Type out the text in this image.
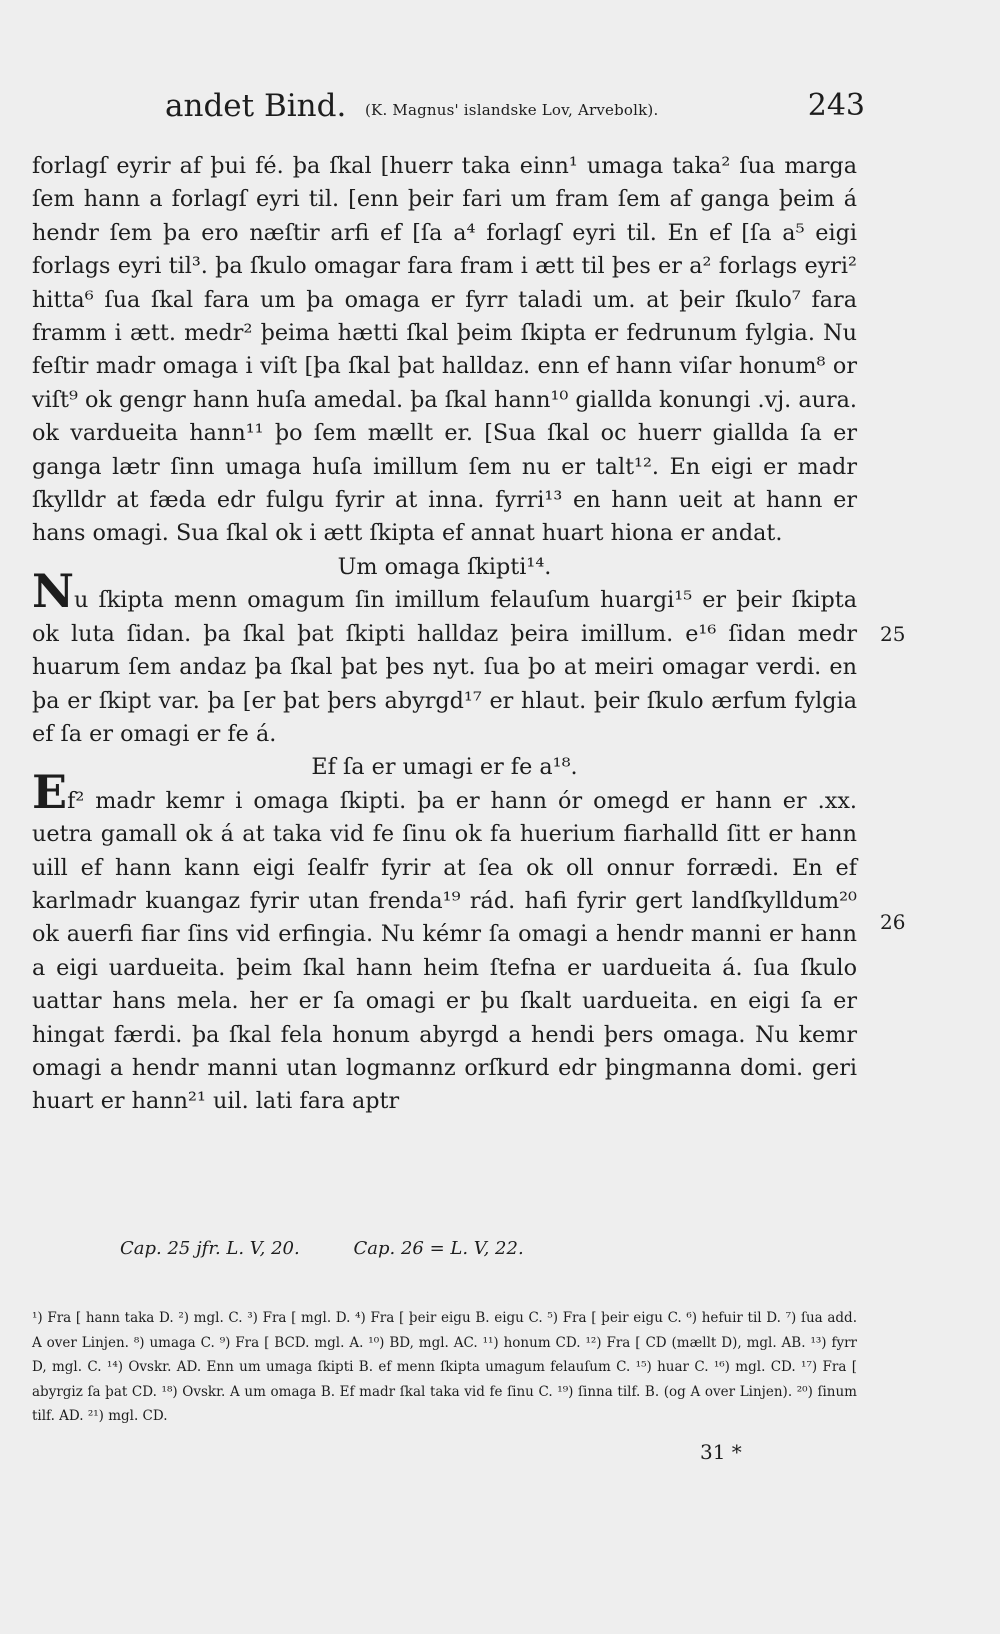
andet Bind. (K. Magnus' islandske Lov, Arvebolk).	243

forlagſ eyrir af þui fé. þa ſkal [huerr taka einn¹ umaga taka² ſua marga ſem hann a forlagſ eyri til. [enn þeir fari um fram ſem af ganga þeim á hendr ſem þa ero næſtir arfi ef [ſa a⁴ forlagſ eyri til. En ef [ſa a⁵ eigi forlags eyri til³. þa ſkulo omagar fara fram i ætt til þes er a² forlags eyri² hitta⁶ ſua ſkal fara um þa omaga er fyrr taladi um. at þeir ſkulo⁷ fara framm i ætt. medr² þeima hætti ſkal þeim ſkipta er fedrunum fylgia. Nu feſtir madr omaga i viſt [þa ſkal þat halldaz. enn ef hann viſar honum⁸ or viſt⁹ ok gengr hann huſa amedal. þa ſkal hann¹⁰ giallda konungi .vj. aura. ok vardueita hann¹¹ þo ſem mællt er. [Sua ſkal oc huerr giallda ſa er ganga lætr ſinn umaga huſa imillum ſem nu er talt¹². En eigi er madr ſkylldr at fæda edr fulgu fyrir at inna. fyrri¹³ en hann ueit at hann er hans omagi. Sua ſkal ok i ætt ſkipta ef annat huart hiona er andat.

Um omaga ſkipti¹⁴.

Nu ſkipta menn omagum ſin imillum felauſum huargi¹⁵ er þeir ſkipta ok luta ſidan. þa ſkal þat ſkipti halldaz þeira imillum. e¹⁶ ſidan medr huarum ſem andaz þa ſkal þat þes nyt. ſua þo at meiri omagar verdi. en þa er ſkipt var. þa [er þat þers abyrgd¹⁷ er hlaut. þeir ſkulo ærfum fylgia ef ſa er omagi er fe á.

Ef ſa er umagi er fe a¹⁸.

Ef² madr kemr i omaga ſkipti. þa er hann ór omegd er hann er .xx. uetra gamall ok á at taka vid fe ſinu ok fa huerium fiarhalld ſitt er hann uill ef hann kann eigi ſealfr fyrir at ſea ok oll onnur forrædi. En ef karlmadr kuangaz fyrir utan frenda¹⁹ rád. hafi fyrir gert landſkylldum²⁰ ok auerfi fiar ſins vid erfingia. Nu kémr ſa omagi a hendr manni er hann a eigi uardueita. þeim ſkal hann heim ſtefna er uardueita á. ſua ſkulo uattar hans mela. her er ſa omagi er þu ſkalt uardueita. en eigi ſa er hingat færdi. þa ſkal fela honum abyrgd a hendi þers omaga. Nu kemr omagi a hendr manni utan logmannz orſkurd edr þingmanna domi. geri huart er hann²¹ uil. lati fara aptr

25
26
Cap. 25 jfr. L. V, 20.	Cap. 26 = L. V, 22.
¹) Fra [ hann taka D. ²) mgl. C. ³) Fra [ mgl. D. ⁴) Fra [ þeir eigu B. eigu C. ⁵) Fra [ þeir eigu C. ⁶) hefuir til D. ⁷) ſua add. A over Linjen. ⁸) umaga C. ⁹) Fra [ BCD. mgl. A. ¹⁰) BD, mgl. AC. ¹¹) honum CD. ¹²) Fra [ CD (mællt D), mgl. AB. ¹³) fyrr D, mgl. C. ¹⁴) Ovskr. AD. Enn um umaga ſkipti B. ef menn ſkipta umagum felauſum C. ¹⁵) huar C. ¹⁶) mgl. CD. ¹⁷) Fra [ abyrgiz ſa þat CD. ¹⁸) Ovskr. A um omaga B. Ef madr ſkal taka vid fe ſinu C. ¹⁹) ſinna tilf. B. (og A over Linjen). ²⁰) ſinum tilf. AD. ²¹) mgl. CD.
31 *
